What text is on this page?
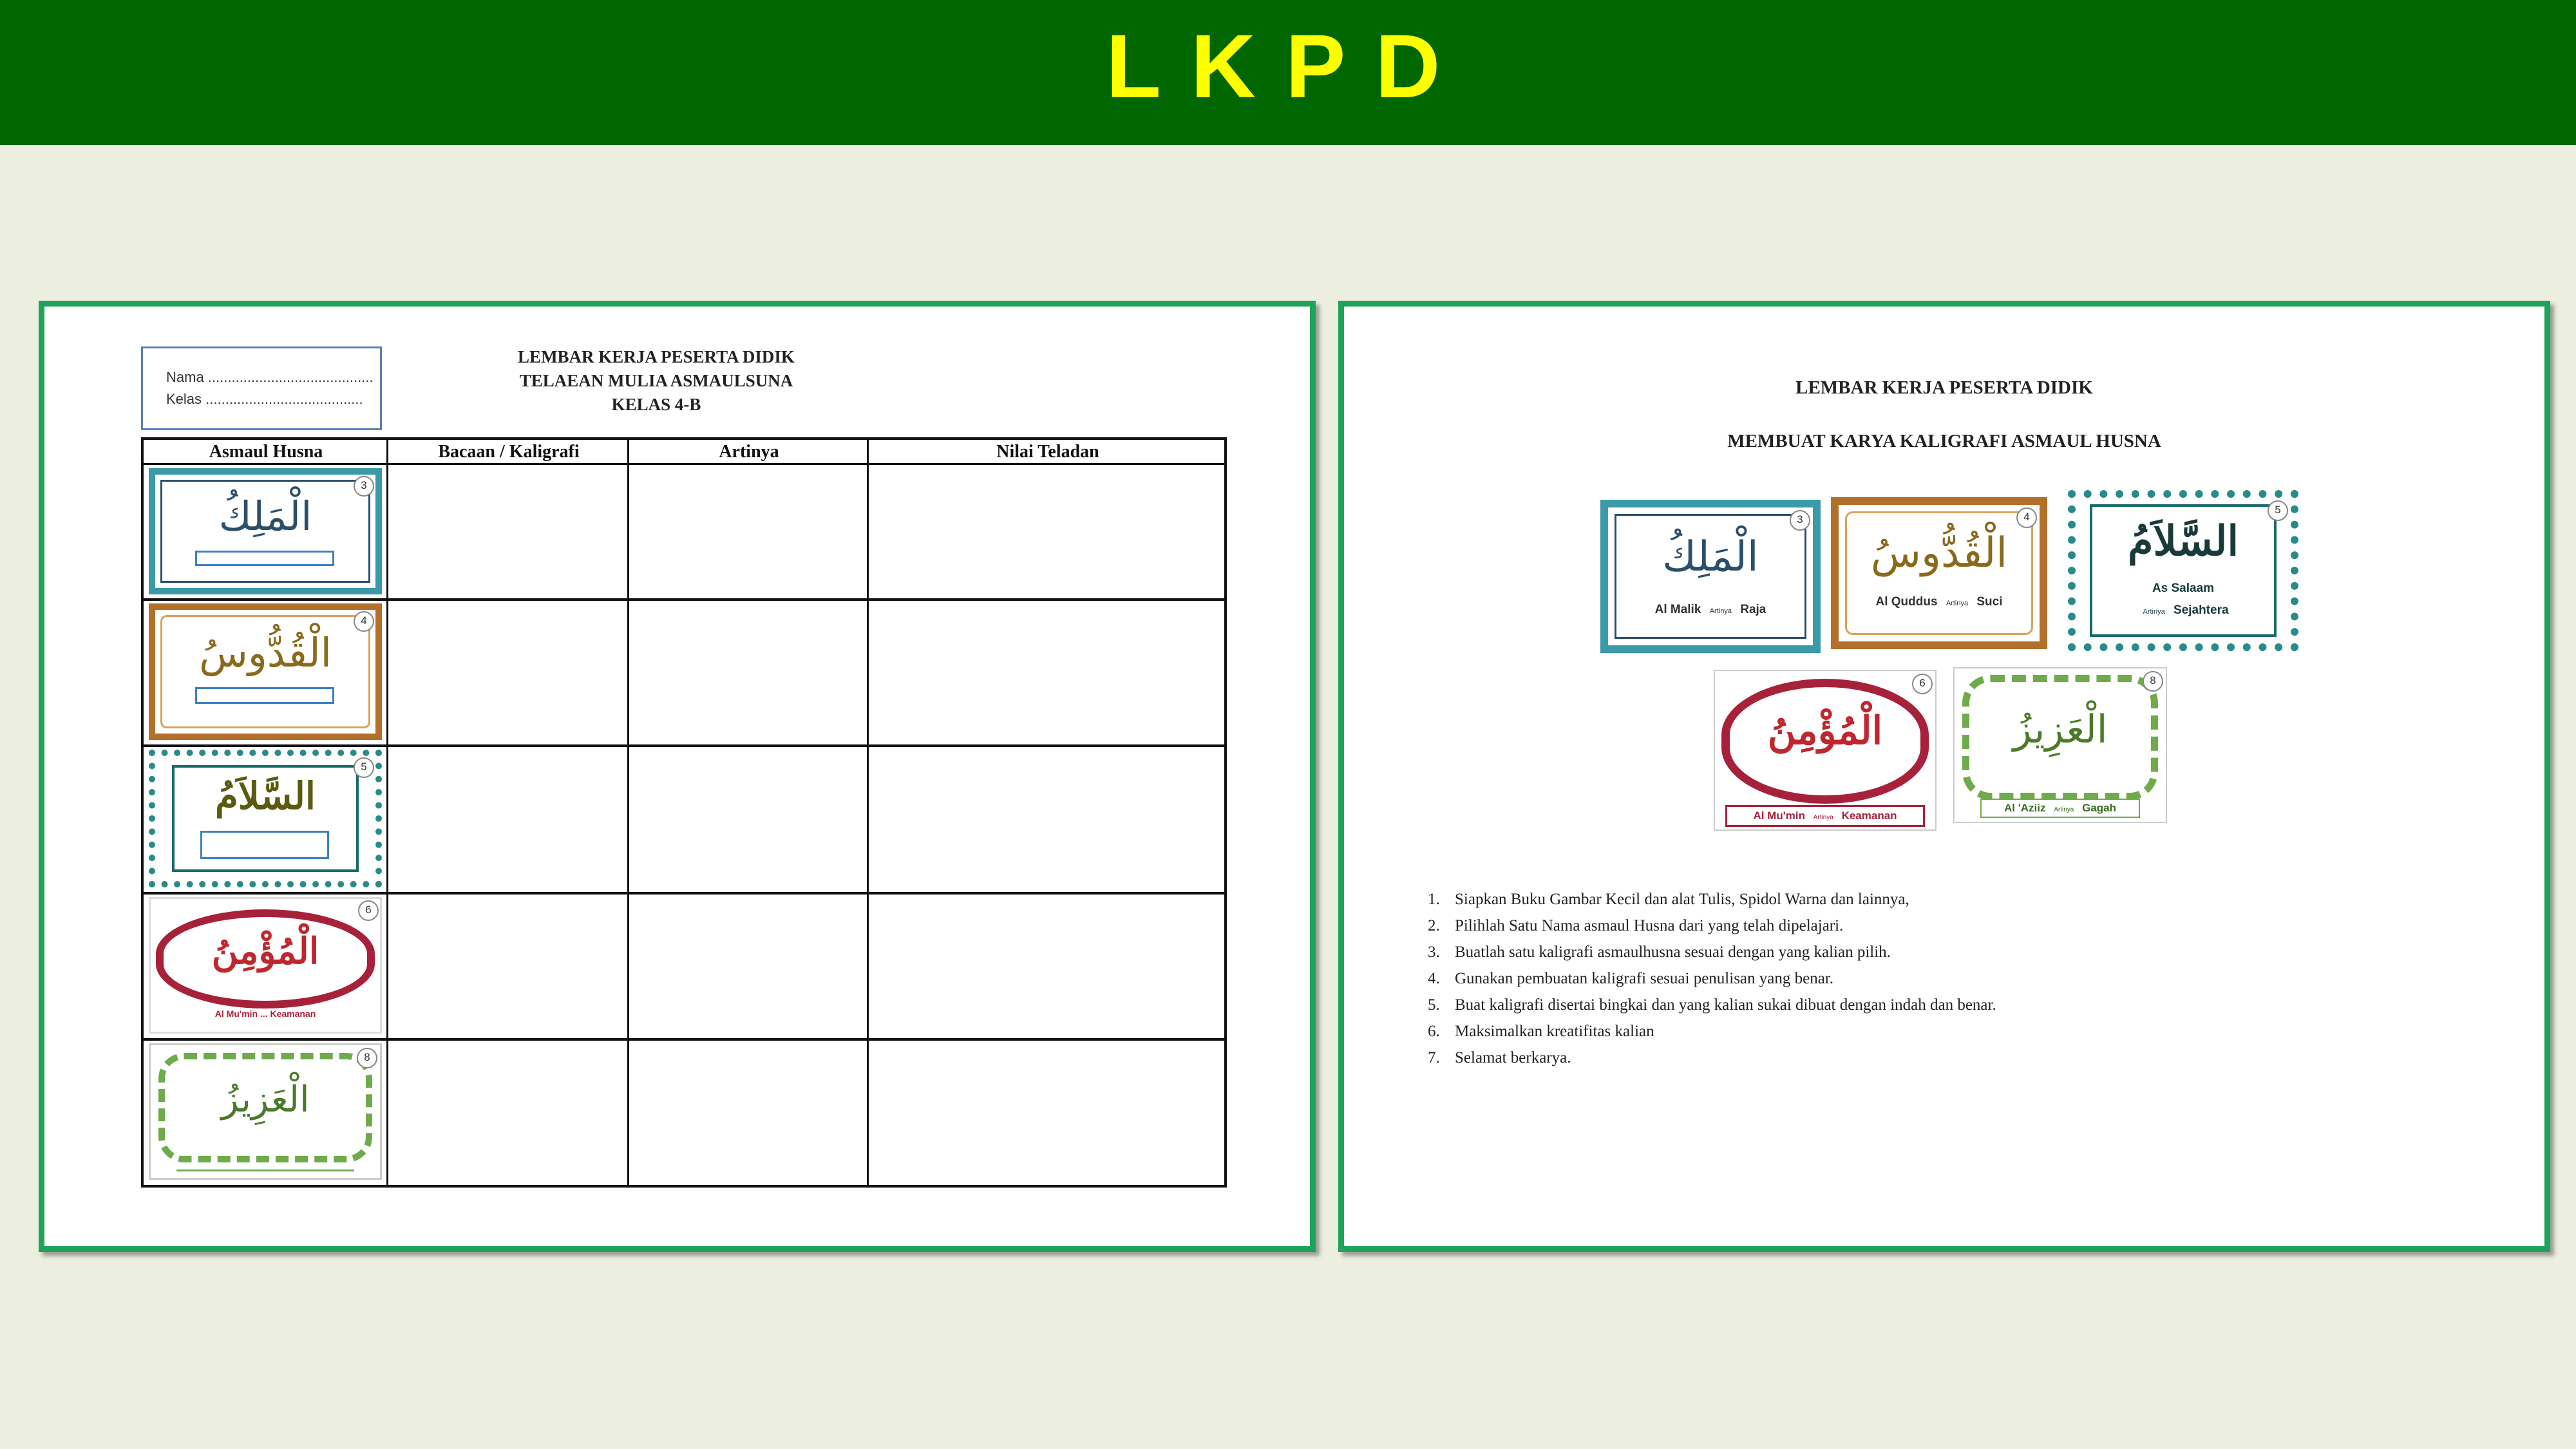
LKPD
Nama ..........................................
Kelas ........................................
LEMBAR KERJA PESERTA DIDIK
TELAEAN MULIA ASMAULSUNA
KELAS 4-B
Asmaul Husna	Bacaan / Kaligrafi	Artinya	Nilai Teladan
3
الْمَلِكُ
4
الْقُدُّوسُ
5
السَّلاَمُ
6
الْمُؤْمِنُ
Al Mu'min ... Keamanan
8
الْعَزِيزُ
LEMBAR KERJA PESERTA DIDIK
MEMBUAT KARYA KALIGRAFI ASMAUL HUSNA
3
الْمَلِكُ
Al Malik Artinya Raja
4
الْقُدُّوسُ
Al Quddus Artinya Suci
5
السَّلاَمُ
As Salaam
Artinya Sejahtera
6
الْمُؤْمِنُ
Al Mu'min Artinya Keamanan
8
الْعَزِيزُ
Al 'Aziiz Artinya Gagah
1. Siapkan Buku Gambar Kecil dan alat Tulis, Spidol Warna dan lainnya,
2. Pilihlah Satu Nama asmaul Husna dari yang telah dipelajari.
3. Buatlah satu kaligrafi asmaulhusna sesuai dengan yang kalian pilih.
4. Gunakan pembuatan kaligrafi sesuai penulisan yang benar.
5. Buat kaligrafi disertai bingkai dan yang kalian sukai dibuat dengan indah dan benar.
6. Maksimalkan kreatifitas kalian
7. Selamat berkarya.
